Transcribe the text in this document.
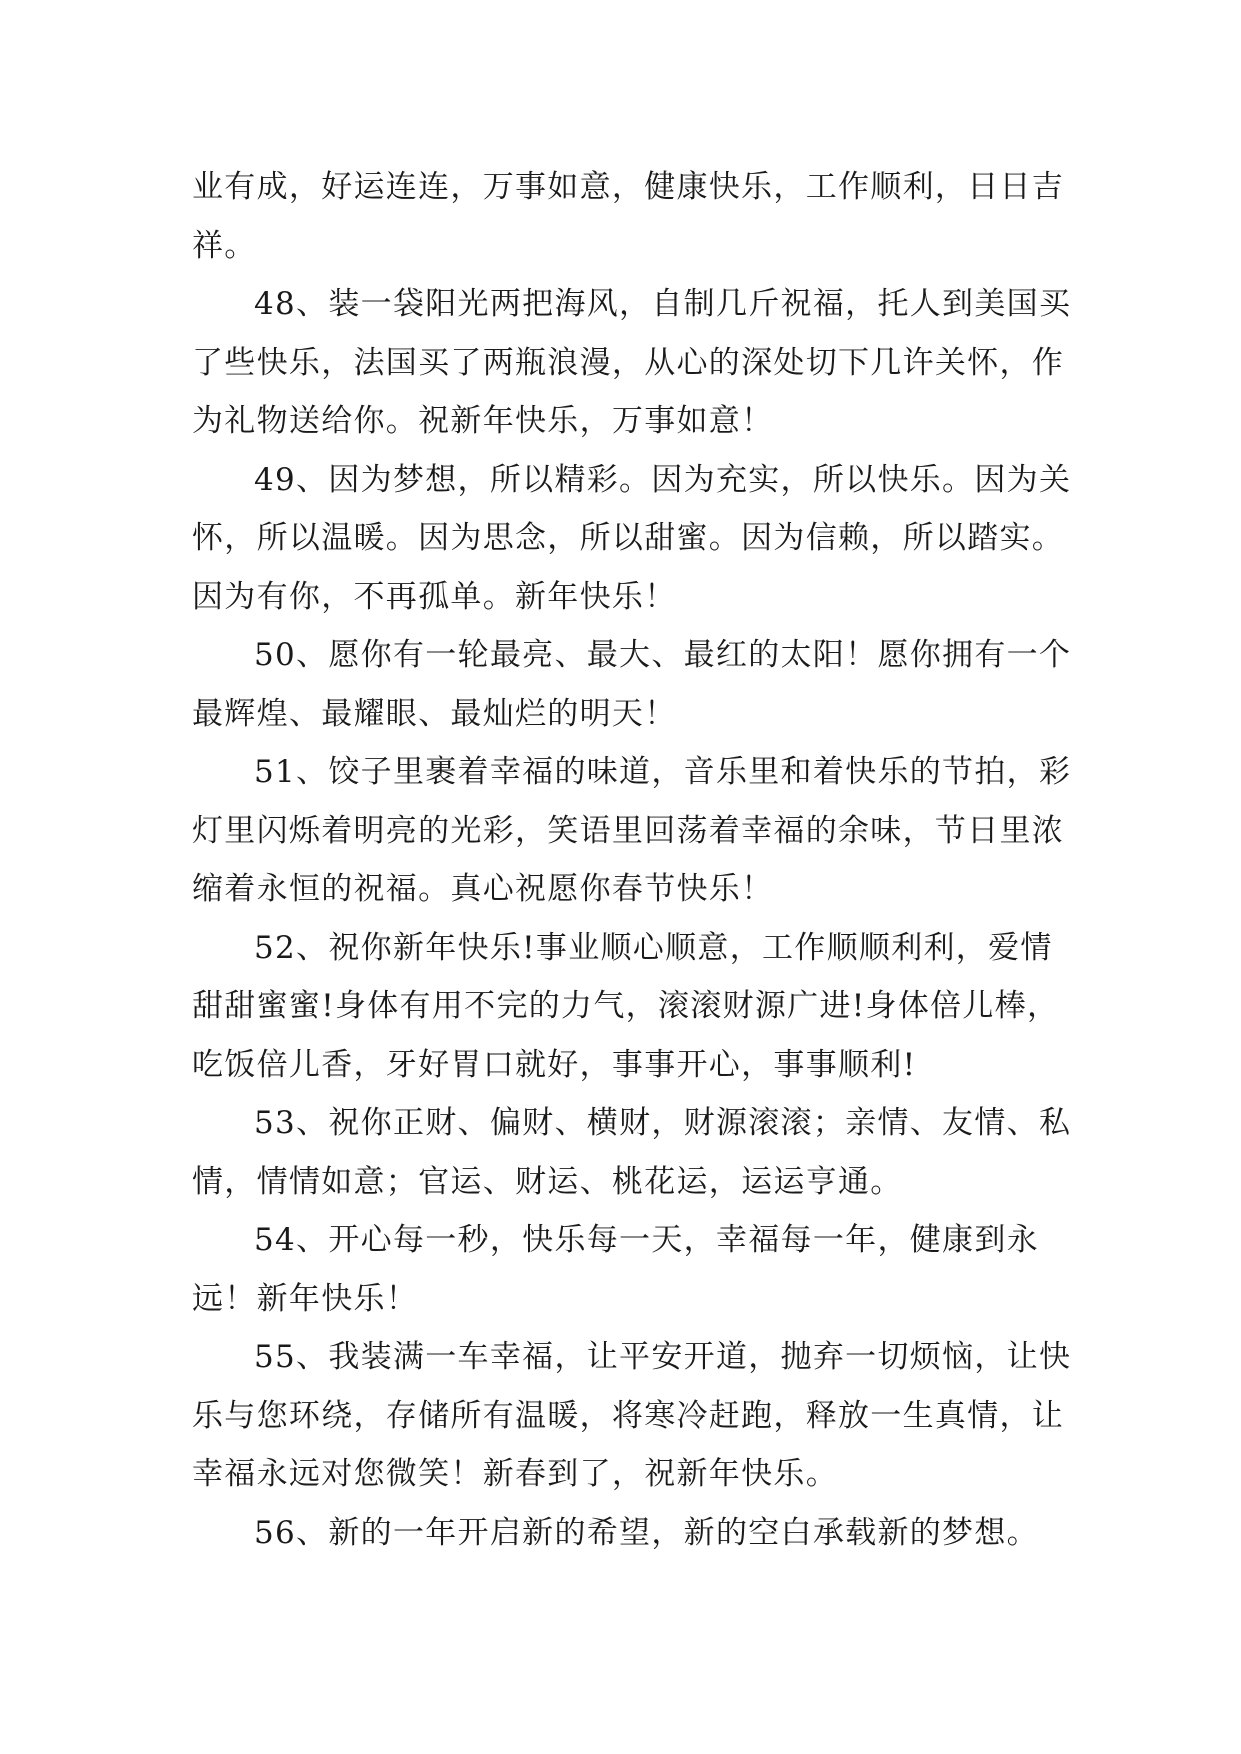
业有成，好运连连，万事如意，健康快乐，工作顺利，日日吉祥。

48、装一袋阳光两把海风，自制几斤祝福，托人到美国买了些快乐，法国买了两瓶浪漫，从心的深处切下几许关怀，作为礼物送给你。祝新年快乐，万事如意！

49、因为梦想，所以精彩。因为充实，所以快乐。因为关怀，所以温暖。因为思念，所以甜蜜。因为信赖，所以踏实。因为有你，不再孤单。新年快乐！

50、愿你有一轮最亮、最大、最红的太阳！愿你拥有一个最辉煌、最耀眼、最灿烂的明天！

51、饺子里裹着幸福的味道，音乐里和着快乐的节拍，彩灯里闪烁着明亮的光彩，笑语里回荡着幸福的余味，节日里浓缩着永恒的祝福。真心祝愿你春节快乐！

52、祝你新年快乐!事业顺心顺意，工作顺顺利利，爱情甜甜蜜蜜!身体有用不完的力气，滚滚财源广进!身体倍儿棒，吃饭倍儿香，牙好胃口就好，事事开心，事事顺利!

53、祝你正财、偏财、横财，财源滚滚；亲情、友情、私情，情情如意；官运、财运、桃花运，运运亨通。

54、开心每一秒，快乐每一天，幸福每一年，健康到永远！新年快乐！

55、我装满一车幸福，让平安开道，抛弃一切烦恼，让快乐与您环绕，存储所有温暖，将寒冷赶跑，释放一生真情，让幸福永远对您微笑！新春到了，祝新年快乐。

56、新的一年开启新的希望，新的空白承载新的梦想。
